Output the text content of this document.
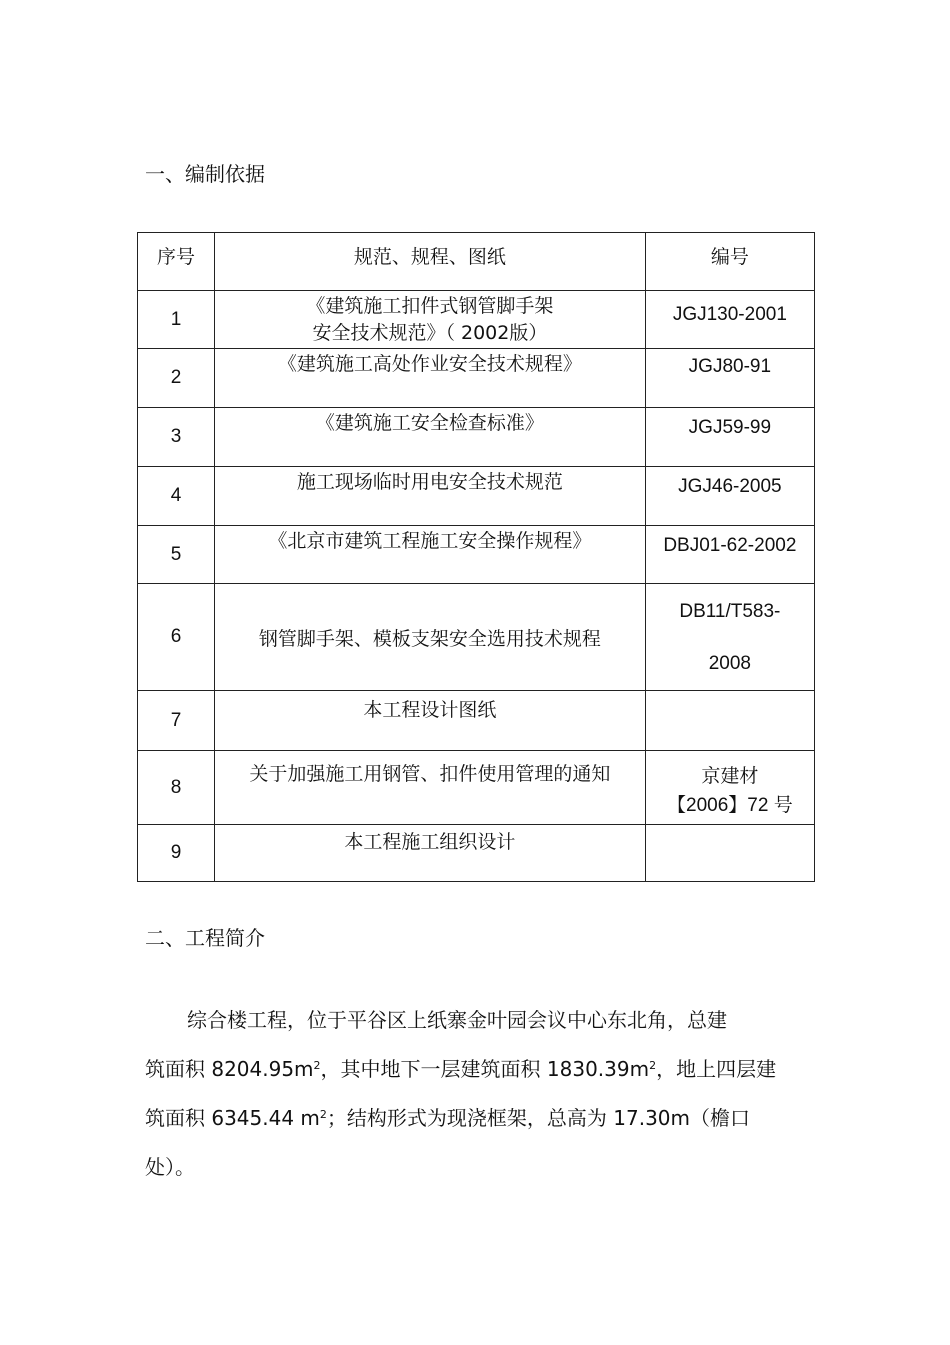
一、编制依据
序号	规范、规程、图纸	编号
1	《建筑施工扣件式钢管脚手架
安全技术规范》（ 2002版）	JGJ130-2001
2	《建筑施工高处作业安全技术规程》	JGJ80-91
3	《建筑施工安全检查标准》	JGJ59-99
4	施工现场临时用电安全技术规范	JGJ46-2005
5	《北京市建筑工程施工安全操作规程》	DBJ01-62-2002
6	钢管脚手架、模板支架安全选用技术规程	DB11/T583-
2008

7	本工程设计图纸	
8	关于加强施工用钢管、扣件使用管理的通知	京建材
【2006】72 号

9	本工程施工组织设计	
二、工程简介
综合楼工程，位于平谷区上纸寨金叶园会议中心东北角，总建
筑面积 $8204.95m^2$，其中地下一层建筑面积 $1830.39m^2$，地上四层建
筑面积 6345.44 $m^2$；结构形式为现浇框架，总高为 17.30m（檐口
处）。
